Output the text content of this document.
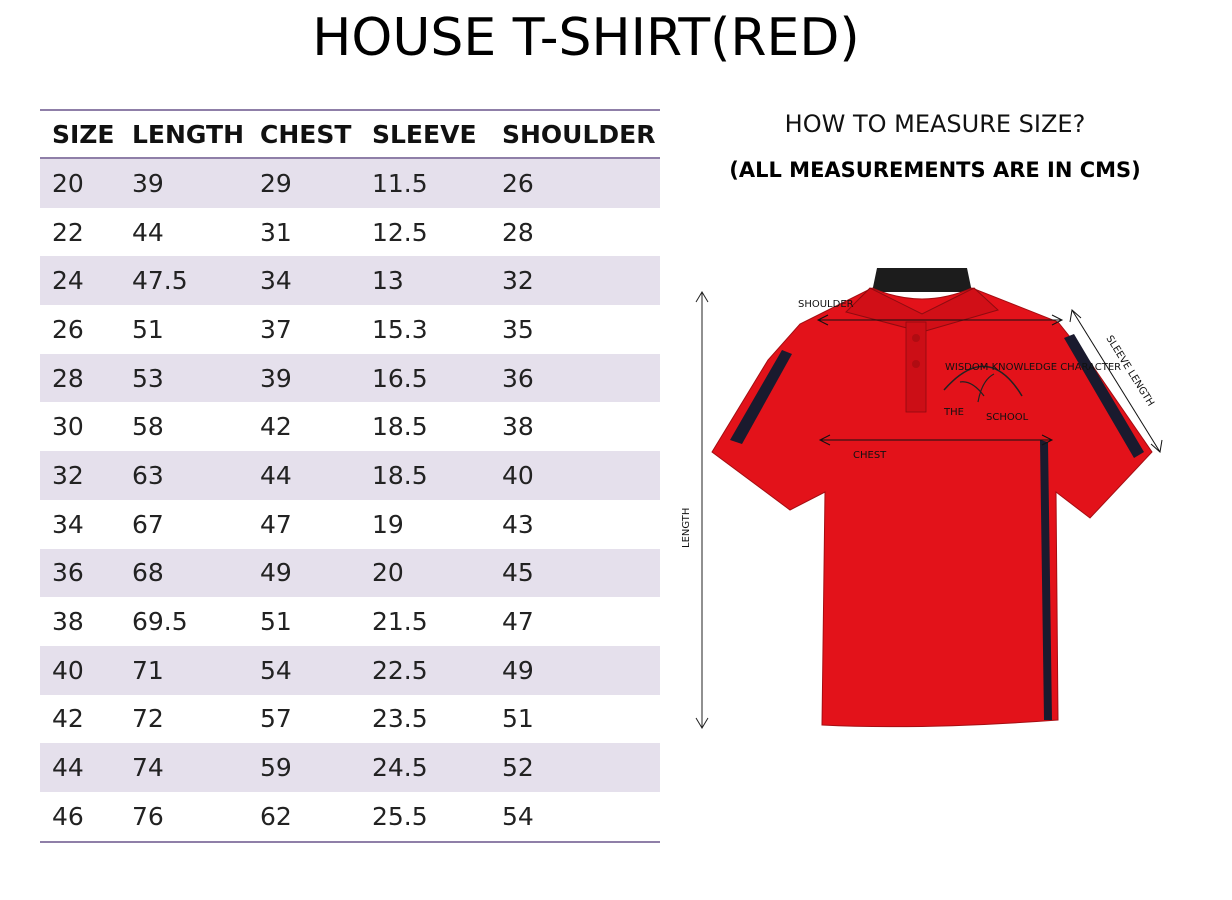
HOUSE T-SHIRT(RED)
SIZE	LENGTH	CHEST	SLEEVE	SHOULDER
20	39	29	11.5	26
22	44	31	12.5	28
24	47.5	34	13	32
26	51	37	15.3	35
28	53	39	16.5	36
30	58	42	18.5	38
32	63	44	18.5	40
34	67	47	19	43
36	68	49	20	45
38	69.5	51	21.5	47
40	71	54	22.5	49
42	72	57	23.5	51
44	74	59	24.5	52
46	76	62	25.5	54
HOW TO MEASURE SIZE?
(ALL MEASUREMENTS ARE IN CMS)
WISDOM KNOWLEDGE CHARACTER
THE SCHOOL
LENGTH
SHOULDER
CHEST
SLEEVE LENGTH
